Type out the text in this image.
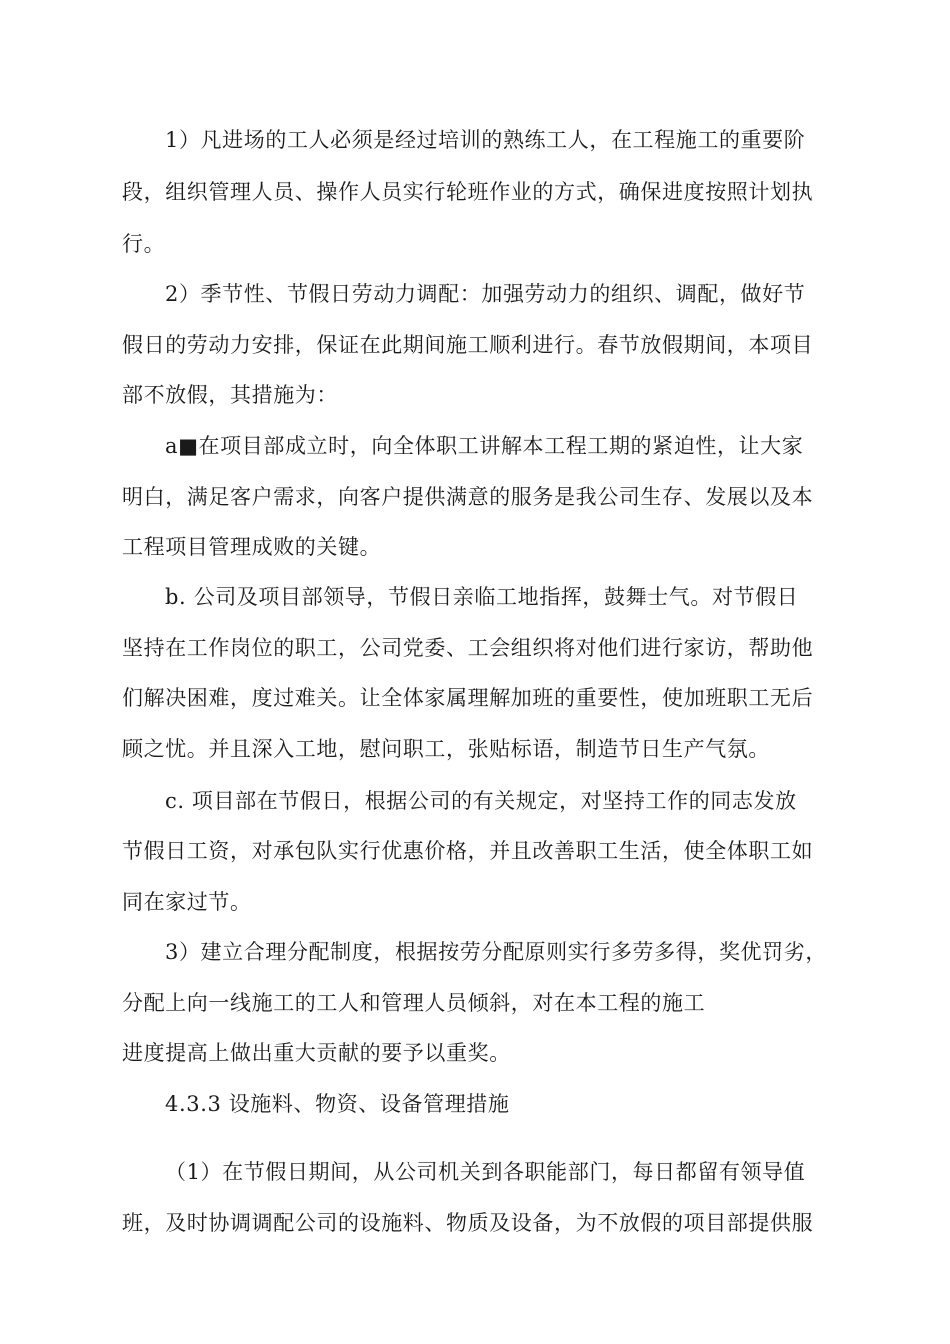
1）凡进场的工人必须是经过培训的熟练工人，在工程施工的重要阶
段，组织管理人员、操作人员实行轮班作业的方式，确保进度按照计划执
行。
2）季节性、节假日劳动力调配：加强劳动力的组织、调配，做好节
假日的劳动力安排，保证在此期间施工顺利进行。春节放假期间，本项目
部不放假，其措施为：
a■在项目部成立时，向全体职工讲解本工程工期的紧迫性，让大家
明白，满足客户需求，向客户提供满意的服务是我公司生存、发展以及本
工程项目管理成败的关键。
b. 公司及项目部领导，节假日亲临工地指挥，鼓舞士气。对节假日
坚持在工作岗位的职工，公司党委、工会组织将对他们进行家访，帮助他
们解决困难，度过难关。让全体家属理解加班的重要性，使加班职工无后
顾之忧。并且深入工地，慰问职工，张贴标语，制造节日生产气氛。
c. 项目部在节假日，根据公司的有关规定，对坚持工作的同志发放
节假日工资，对承包队实行优惠价格，并且改善职工生活，使全体职工如
同在家过节。
3）建立合理分配制度，根据按劳分配原则实行多劳多得，奖优罚劣，
分配上向一线施工的工人和管理人员倾斜，对在本工程的施工
进度提高上做出重大贡献的要予以重奖。
4.3.3 设施料、物资、设备管理措施
（1）在节假日期间，从公司机关到各职能部门，每日都留有领导值
班，及时协调调配公司的设施料、物质及设备，为不放假的项目部提供服
